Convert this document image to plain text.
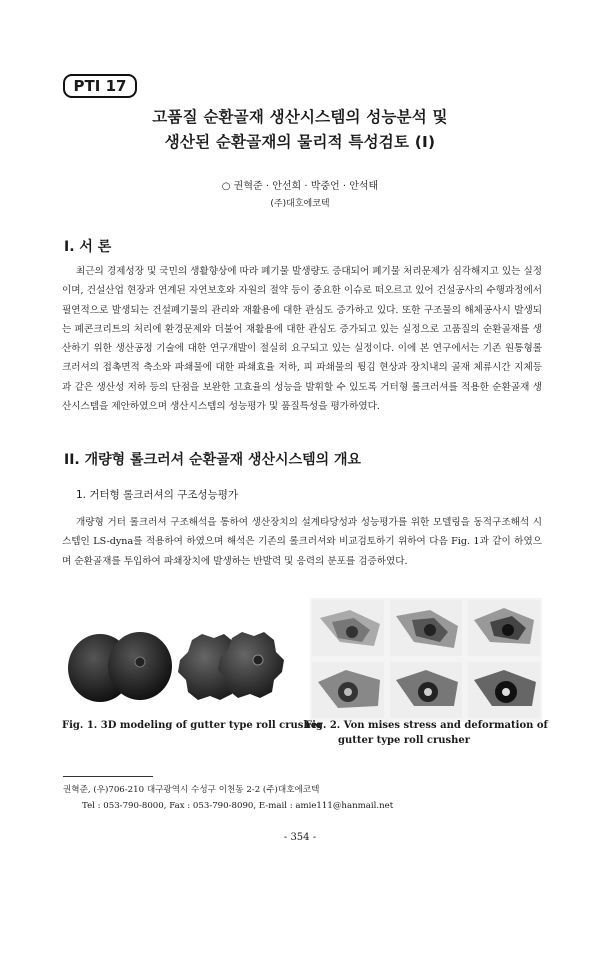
PTI 17
고품질 순환골재 생산시스템의 성능분석 및
생산된 순환골재의 물리적 특성검토 (I)
○ 권혁준 · 안선희 · 박중언 · 안석태
(주)대호에코텍
I. 서 론

최근의 경제성장 및 국민의 생활향상에 따라 폐기물 발생량도 증대되어 폐기물 처리문제가 심각해지고 있는 실정이며, 건설산업 현장과 연계된 자연보호와 자원의 절약 등이 중요한 이슈로 떠오르고 있어 건설공사의 수행과정에서 필연적으로 발생되는 건설폐기물의 관리와 재활용에 대한 관심도 증가하고 있다. 또한 구조물의 해체공사시 발생되는 폐콘크리트의 처리에 환경문제와 더불어 재활용에 대한 관심도 증가되고 있는 실정으로 고품질의 순환골재를 생산하기 위한 생산공정 기술에 대한 연구개발이 절실히 요구되고 있는 실정이다. 이에 본 연구에서는 기존 원통형롤크러셔의 접촉면적 축소와 파쇄물에 대한 파쇄효율 저하, 피 파쇄물의 튕김 현상과 장치내의 골재 체류시간 지체등과 같은 생산성 저하 등의 단점을 보완한 고효율의 성능을 발휘할 수 있도록 거터형 롤크러셔를 적용한 순환골재 생산시스템을 제안하였으며 생산시스템의 성능평가 및 품질특성을 평가하였다.

II. 개량형 롤크러셔 순환골재 생산시스템의 개요
1. 거터형 롤크러셔의 구조성능평가

개량형 거터 롤크러셔 구조해석을 통하여 생산장치의 설계타당성과 성능평가를 위한 모델링을 동적구조해석 시스템인 LS-dyna를 적용하여 하였으며 해석은 기존의 롤크러셔와 비교검토하기 위하여 다음 Fig. 1과 같이 하였으며 순환골재를 투입하여 파쇄장치에 발생하는 반발력 및 응력의 분포를 검증하였다.

Fig. 1. 3D modeling of gutter type roll crusher
Fig. 2. Von mises stress and deformation of
gutter type roll crusher
권혁준, (우)706-210 대구광역시 수성구 이천동 2-2 (주)대호에코텍
Tel : 053-790-8000, Fax : 053-790-8090, E-mail : amie111@hanmail.net
- 354 -
